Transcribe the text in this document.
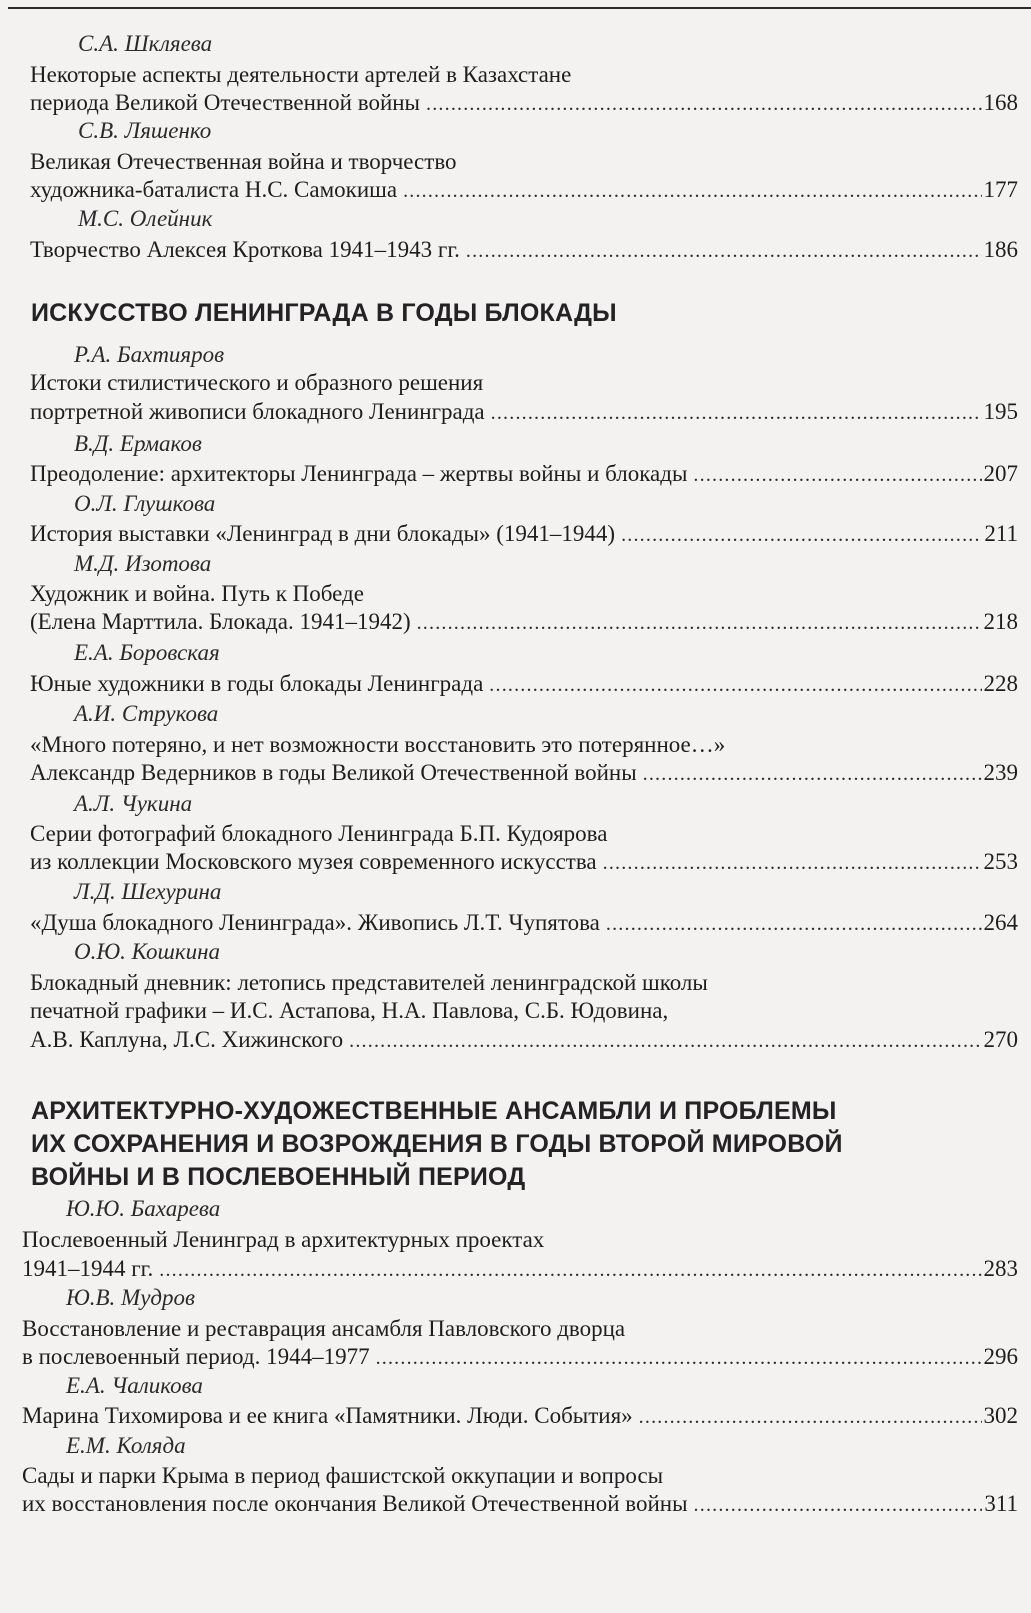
С.А. Шкляева
Некоторые аспекты деятельности артелей в Казахстане
периода Великой Отечественной войны .....	168
С.В. Ляшенко
Великая Отечественная война и творчество
художника-баталиста Н.С. Самокиша .....	177
М.С. Олейник
Творчество Алексея Кроткова 1941–1943 гг. .....	186
ИСКУССТВО ЛЕНИНГРАДА В ГОДЫ БЛОКАДЫ
Р.А. Бахтияров
Истоки стилистического и образного решения
портретной живописи блокадного Ленинграда .....	195
В.Д. Ермаков
Преодоление: архитекторы Ленинграда – жертвы войны и блокады .....	207
О.Л. Глушкова
История выставки «Ленинград в дни блокады» (1941–1944) .....	211
М.Д. Изотова
Художник и война. Путь к Победе
(Елена Марттила. Блокада. 1941–1942) .....	218
Е.А. Боровская
Юные художники в годы блокады Ленинграда .....	228
А.И. Струкова
«Много потеряно, и нет возможности восстановить это потерянное…»
Александр Ведерников в годы Великой Отечественной войны .....	239
А.Л. Чукина
Серии фотографий блокадного Ленинграда Б.П. Кудоярова
из коллекции Московского музея современного искусства .....	253
Л.Д. Шехурина
«Душа блокадного Ленинграда». Живопись Л.Т. Чупятова .....	264
О.Ю. Кошкина
Блокадный дневник: летопись представителей ленинградской школы
печатной графики – И.С. Астапова, Н.А. Павлова, С.Б. Юдовина,
А.В. Каплуна, Л.С. Хижинского .....	270
АРХИТЕКТУРНО-ХУДОЖЕСТВЕННЫЕ АНСАМБЛИ И ПРОБЛЕМЫ
ИХ СОХРАНЕНИЯ И ВОЗРОЖДЕНИЯ В ГОДЫ ВТОРОЙ МИРОВОЙ
ВОЙНЫ И В ПОСЛЕВОЕННЫЙ ПЕРИОД
Ю.Ю. Бахарева
Послевоенный Ленинград в архитектурных проектах
1941–1944 гг. .....	283
Ю.В. Мудров
Восстановление и реставрация ансамбля Павловского дворца
в послевоенный период. 1944–1977 .....	296
Е.А. Чаликова
Марина Тихомирова и ее книга «Памятники. Люди. События» .....	302
Е.М. Коляда
Сады и парки Крыма в период фашистской оккупации и вопросы
их восстановления после окончания Великой Отечественной войны .....	311
